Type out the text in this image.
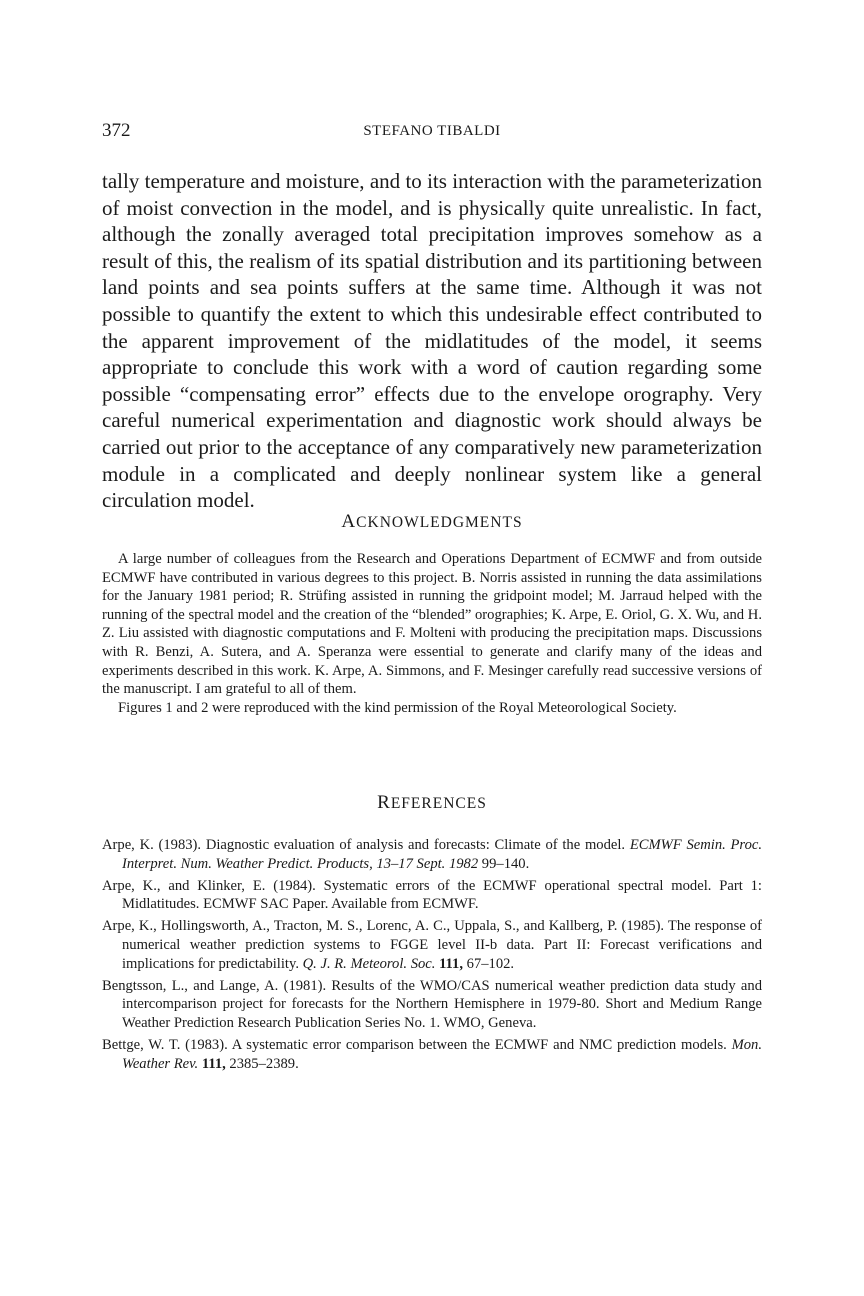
372	STEFANO TIBALDI

tally temperature and moisture, and to its interaction with the parameterization of moist convection in the model, and is physically quite unrealistic. In fact, although the zonally averaged total precipitation improves somehow as a result of this, the realism of its spatial distribution and its partitioning between land points and sea points suffers at the same time. Although it was not possible to quantify the extent to which this undesirable effect contributed to the apparent improvement of the midlatitudes of the model, it seems appropriate to conclude this work with a word of caution regarding some possible “compensating error” effects due to the envelope orography. Very careful numerical experimentation and diagnostic work should always be carried out prior to the acceptance of any comparatively new parameterization module in a complicated and deeply nonlinear system like a general circulation model.

ACKNOWLEDGMENTS

A large number of colleagues from the Research and Operations Department of ECMWF and from outside ECMWF have contributed in various degrees to this project. B. Norris assisted in running the data assimilations for the January 1981 period; R. Strüfing assisted in running the gridpoint model; M. Jarraud helped with the running of the spectral model and the creation of the “blended” orographies; K. Arpe, E. Oriol, G. X. Wu, and H. Z. Liu assisted with diagnostic computations and F. Molteni with producing the precipitation maps. Discussions with R. Benzi, A. Sutera, and A. Speranza were essential to generate and clarify many of the ideas and experiments described in this work. K. Arpe, A. Simmons, and F. Mesinger carefully read successive versions of the manuscript. I am grateful to all of them.

Figures 1 and 2 were reproduced with the kind permission of the Royal Meteorological Society.

REFERENCES
Arpe, K. (1983). Diagnostic evaluation of analysis and forecasts: Climate of the model. ECMWF Semin. Proc. Interpret. Num. Weather Predict. Products, 13–17 Sept. 1982 99–140.
Arpe, K., and Klinker, E. (1984). Systematic errors of the ECMWF operational spectral model. Part 1: Midlatitudes. ECMWF SAC Paper. Available from ECMWF.
Arpe, K., Hollingsworth, A., Tracton, M. S., Lorenc, A. C., Uppala, S., and Kallberg, P. (1985). The response of numerical weather prediction systems to FGGE level II-b data. Part II: Forecast verifications and implications for predictability. Q. J. R. Meteorol. Soc. 111, 67–102.
Bengtsson, L., and Lange, A. (1981). Results of the WMO/CAS numerical weather prediction data study and intercomparison project for forecasts for the Northern Hemisphere in 1979-80. Short and Medium Range Weather Prediction Research Publication Series No. 1. WMO, Geneva.
Bettge, W. T. (1983). A systematic error comparison between the ECMWF and NMC prediction models. Mon. Weather Rev. 111, 2385–2389.
